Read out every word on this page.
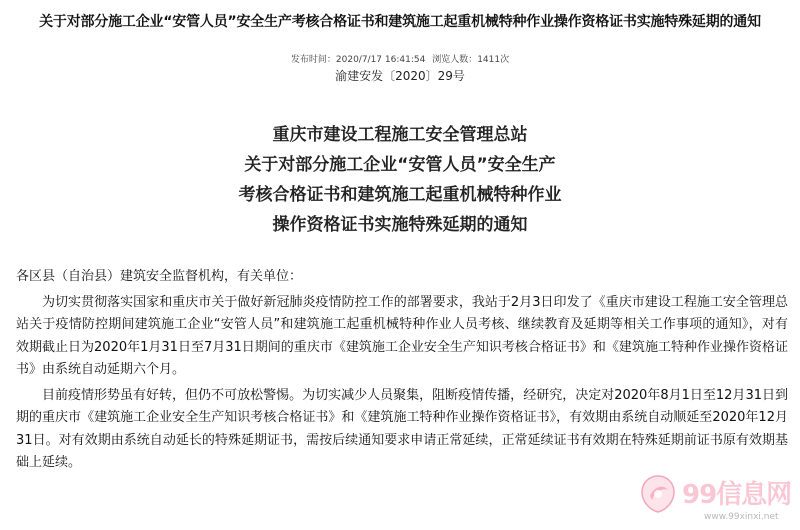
关于对部分施工企业“安管人员”安全生产考核合格证书和建筑施工起重机械特种作业操作资格证书实施特殊延期的通知
发布时间：2020/7/17 16:41:54 浏览人数：1411次
渝建安发〔2020〕29号
重庆市建设工程施工安全管理总站
关于对部分施工企业“安管人员”安全生产
考核合格证书和建筑施工起重机械特种作业
操作资格证书实施特殊延期的通知

各区县（自治县）建筑安全监督机构，有关单位：

为切实贯彻落实国家和重庆市关于做好新冠肺炎疫情防控工作的部署要求，我站于2月3日印发了《重庆市建设工程施工安全管理总站关于疫情防控期间建筑施工企业“安管人员”和建筑施工起重机械特种作业人员考核、继续教育及延期等相关工作事项的通知》，对有效期截止日为2020年1月31日至7月31日期间的重庆市《建筑施工企业安全生产知识考核合格证书》和《建筑施工特种作业操作资格证书》由系统自动延期六个月。

目前疫情形势虽有好转，但仍不可放松警惕。为切实减少人员聚集，阻断疫情传播，经研究，决定对2020年8月1日至12月31日到期的重庆市《建筑施工企业安全生产知识考核合格证书》和《建筑施工特种作业操作资格证书》，有效期由系统自动顺延至2020年12月31日。对有效期由系统自动延长的特殊延期证书，需按后续通知要求申请正常延续，正常延续证书有效期在特殊延期前证书原有效期基础上延续。

99信息网
www.99xinxi.net
